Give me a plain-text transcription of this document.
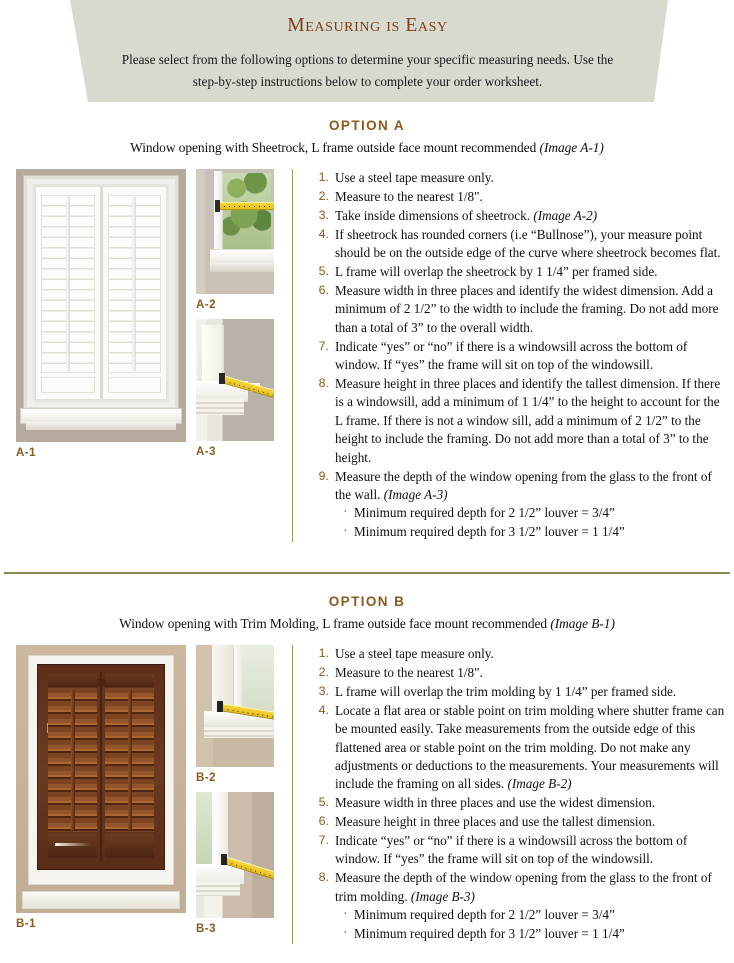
Measuring is Easy
Please select from the following options to determine your specific measuring needs. Use the step-by-step instructions below to complete your order worksheet.
OPTION A
Window opening with Sheetrock, L frame outside face mount recommended (Image A-1)
A-1
A-2
A-3
1. Use a steel tape measure only.
2. Measure to the nearest 1/8".
3. Take inside dimensions of sheetrock. (Image A-2)
4. If sheetrock has rounded corners (i.e “Bullnose”), your measure point should be on the outside edge of the curve where sheetrock becomes flat.
5. L frame will overlap the sheetrock by 1 1/4” per framed side.
6. Measure width in three places and identify the widest dimension. Add a minimum of 2 1/2” to the width to include the framing. Do not add more than a total of 3” to the overall width.
7. Indicate “yes” or “no” if there is a windowsill across the bottom of window. If “yes” the frame will sit on top of the windowsill.
8. Measure height in three places and identify the tallest dimension. If there is a windowsill, add a minimum of 1 1/4” to the height to account for the L frame. If there is not a window sill, add a minimum of 2 1/2” to the height to include the framing. Do not add more than a total of 3” to the height.
9. Measure the depth of the window opening from the glass to the front of the wall. (Image A-3)
· Minimum required depth for 2 1/2” louver = 3/4”
· Minimum required depth for 3 1/2” louver = 1 1/4”
OPTION B
Window opening with Trim Molding, L frame outside face mount recommended (Image B-1)
B-1
B-2
B-3
1. Use a steel tape measure only.
2. Measure to the nearest 1/8".
3. L frame will overlap the trim molding by 1 1/4” per framed side.
4. Locate a flat area or stable point on trim molding where shutter frame can be mounted easily. Take measurements from the outside edge of this flattened area or stable point on the trim molding. Do not make any adjustments or deductions to the measurements. Your measurements will include the framing on all sides. (Image B-2)
5. Measure width in three places and use the widest dimension.
6. Measure height in three places and use the tallest dimension.
7. Indicate “yes” or “no” if there is a windowsill across the bottom of window. If “yes” the frame will sit on top of the windowsill.
8. Measure the depth of the window opening from the glass to the front of trim molding. (Image B-3)
· Minimum required depth for 2 1/2” louver = 3/4”
· Minimum required depth for 3 1/2” louver = 1 1/4”
